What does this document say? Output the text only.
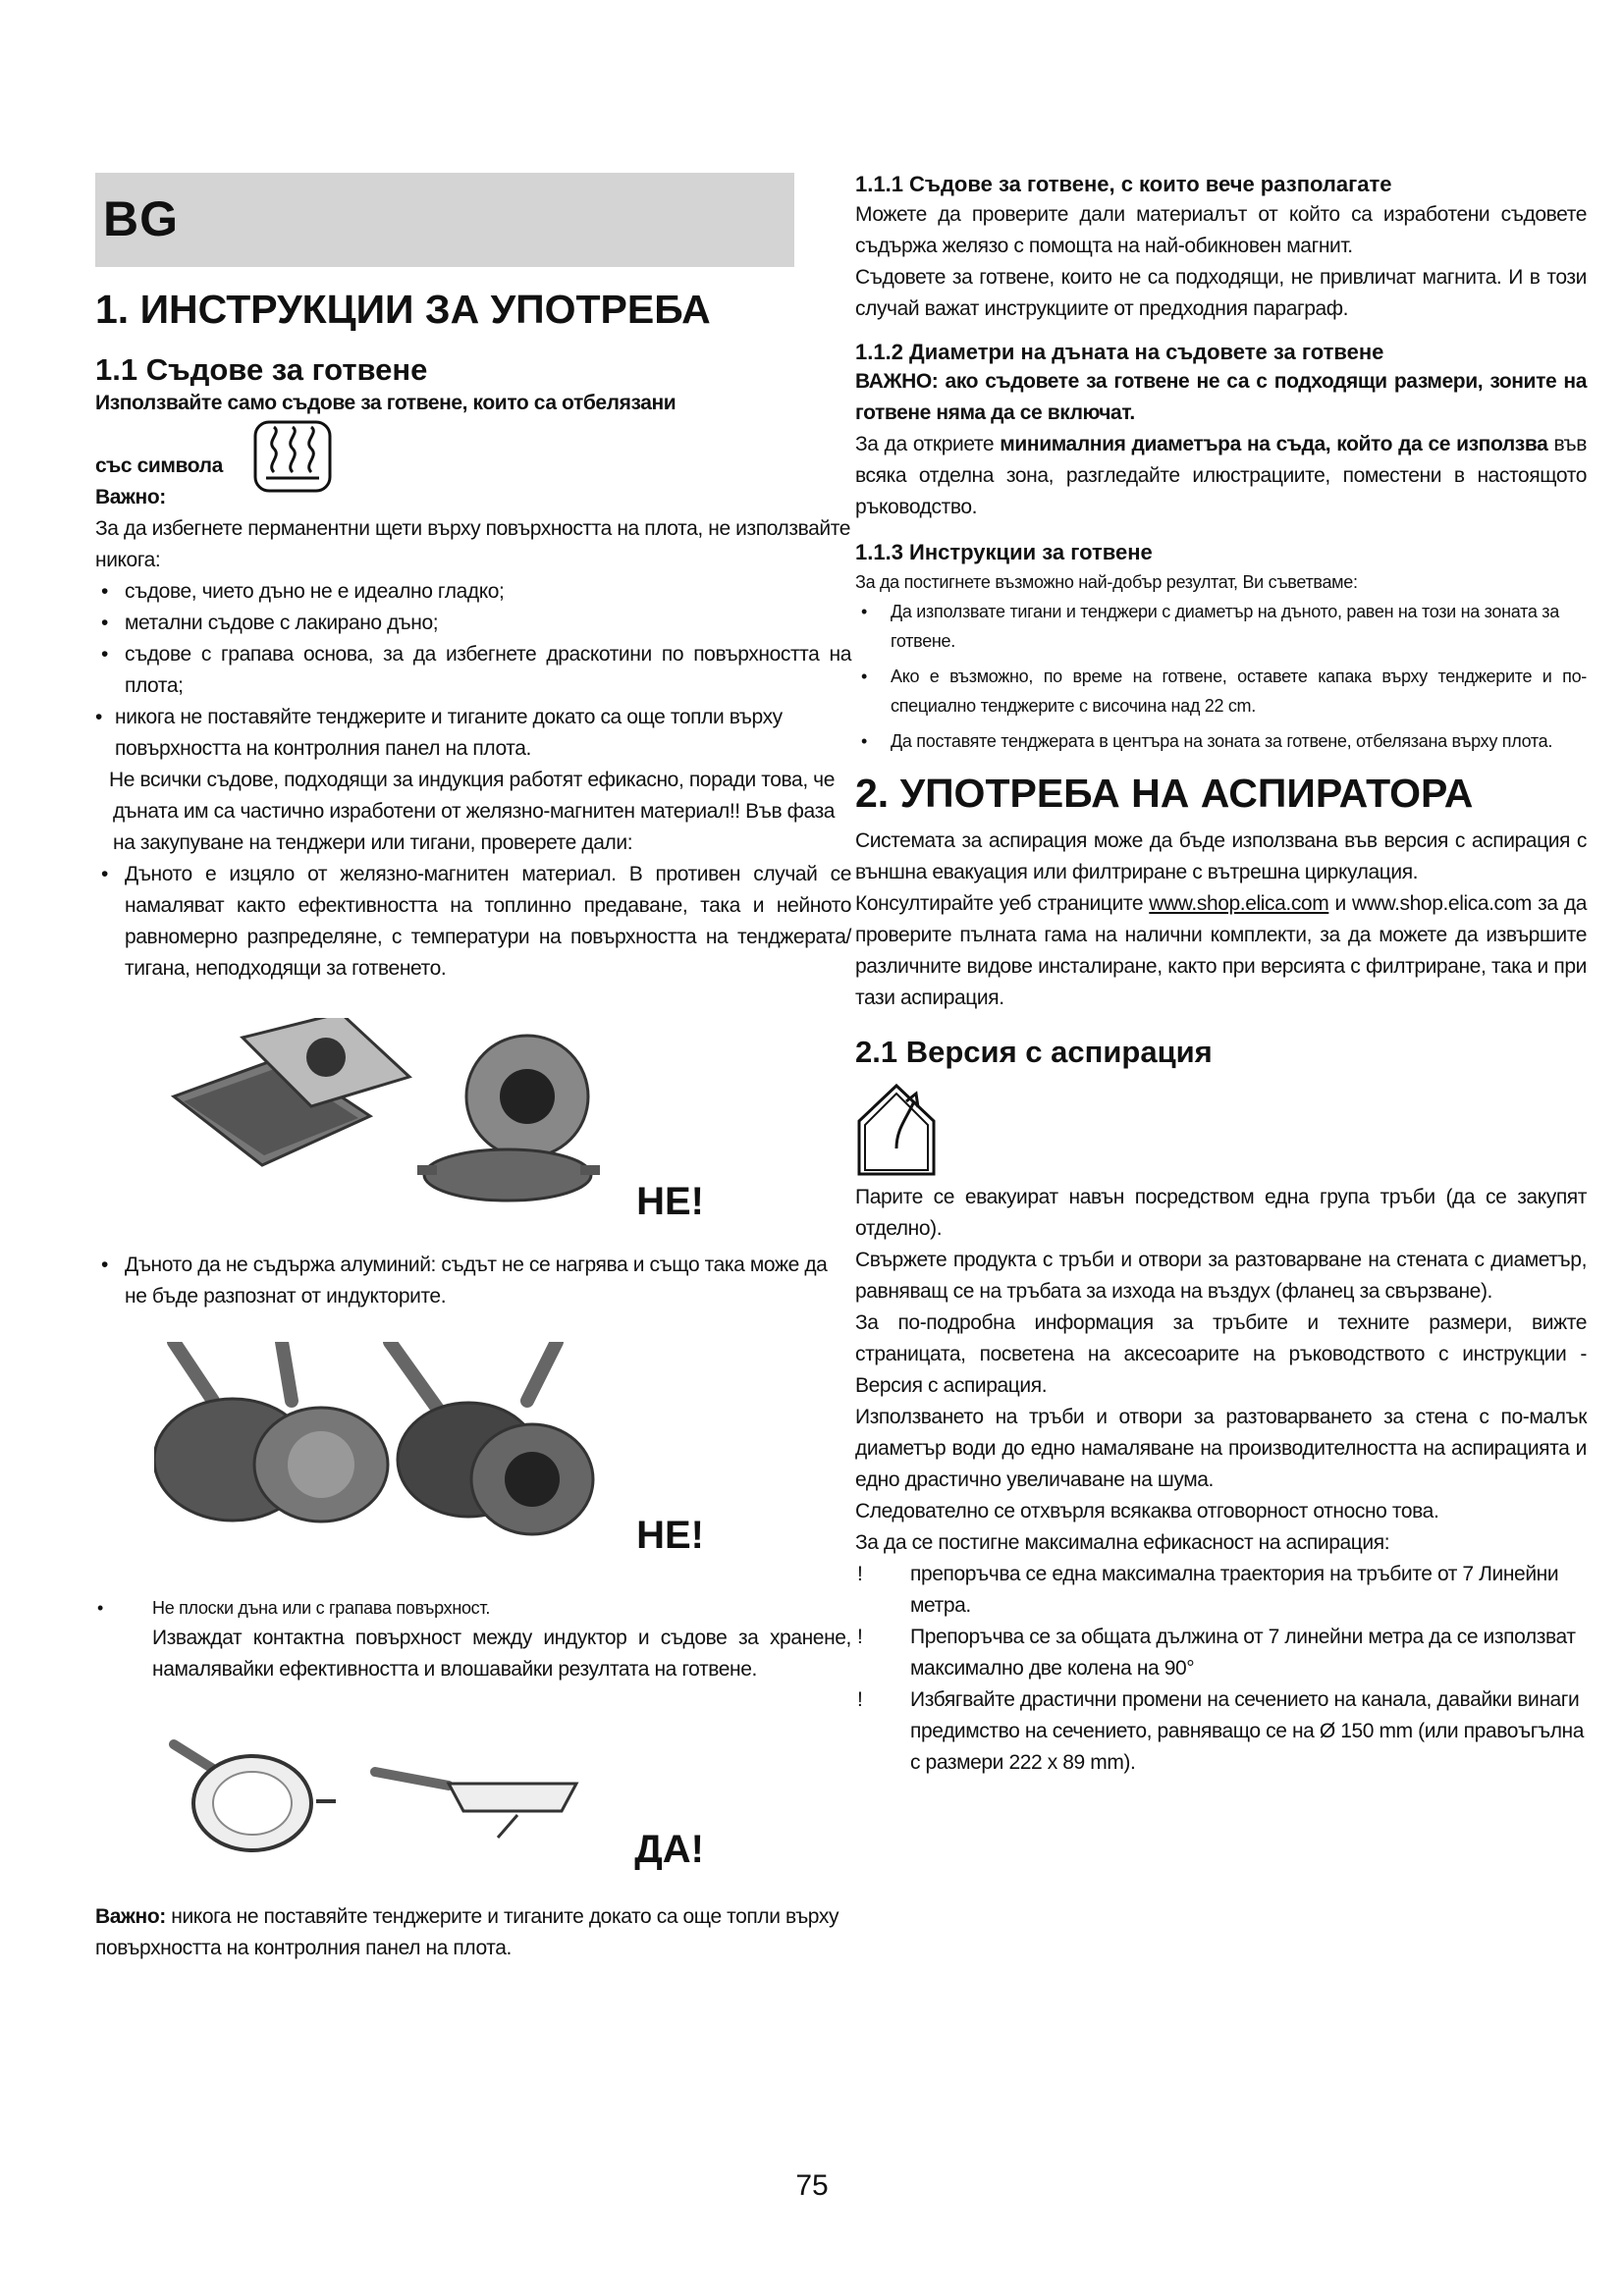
BG
1. ИНСТРУКЦИИ ЗА УПОТРЕБА
1.1 Съдове за готвене

Използвайте само съдове за готвене, които са отбелязани

със символа

Важно:

За да избегнете перманентни щети върху повърхността на плота, не използвайте никога:

• съдове, чието дъно не е идеално гладко;
• метални съдове с лакирано дъно;
• съдове с грапава основа, за да избегнете драскотини по повърхността на плота;
• никога не поставяйте тенджерите и тиганите докато са още топли върху повърхността на контролния панел на плота.

Не всички съдове, подходящи за индукция работят ефикасно, поради това, че дъната им са частично изработени от желязно-магнитен материал!! Във фаза на закупуване на тенджери или тигани, проверете дали:

• Дъното е изцяло от желязно-магнитен материал. В противен случай се намаляват както ефективността на топлинно предаване, така и нейното равномерно разпределяне, с температури на повърхността на тенджерата/тигана, неподходящи за готвенето.
НЕ!
• Дъното да не съдържа алуминий: съдът не се нагрява и също така може да не бъде разпознат от индукторите.
НЕ!
•	Не плоски дъна или с грапава повърхност.

Изваждат контактна повърхност между индуктор и съдове за хранене, намалявайки ефективността и влошавайки резултата на готвене.

ДА!

Важно: никога не поставяйте тенджерите и тиганите докато са още топли върху повърхността на контролния панел на плота.

1.1.1 Съдове за готвене, с които вече разполагате

Можете да проверите дали материалът от който са изработени съдовете съдържа желязо с помощта на най-обикновен магнит.

Съдовете за готвене, които не са подходящи, не привличат магнита. И в този случай важат инструкциите от предходния параграф.

1.1.2 Диаметри на дъната на съдовете за готвене

ВАЖНО: ако съдовете за готвене не са с подходящи размери, зоните на готвене няма да се включат.

За да откриете минималния диаметъра на съда, който да се използва във всяка отделна зона, разгледайте илюстрациите, поместени в настоящото ръководство.

1.1.3 Инструкции за готвене

За да постигнете възможно най-добър резултат, Ви съветваме:

• Да използвате тигани и тенджери с диаметър на дъното, равен на този на зоната за готвене.
• Ако е възможно, по време на готвене, оставете капака върху тенджерите и по-специално тенджерите с височина над 22 cm.
• Да поставяте тенджерата в центъра на зоната за готвене, отбелязана върху плота.
2. УПОТРЕБА НА АСПИРАТОРА

Системата за аспирация може да бъде използвана във версия с аспирация с външна евакуация или филтриране с вътрешна циркулация.

Консултирайте уеб страниците www.shop.elica.com и www.shop.elica.com за да проверите пълната гама на налични комплекти, за да можете да извършите различните видове инсталиране, както при версията с филтриране, така и при тази аспирация.

2.1 Версия с аспирация

Парите се евакуират навън посредством една група тръби (да се закупят отделно).

Свържете продукта с тръби и отвори за разтоварване на стената с диаметър, равняващ се на тръбата за изхода на въздух (фланец за свързване).

За по-подробна информация за тръбите и техните размери, вижте страницата, посветена на аксесоарите на ръководството с инструкции - Версия с аспирация.

Използването на тръби и отвори за разтоварването за стена с по-малък диаметър води до едно намаляване на производителността на аспирацията и едно драстично увеличаване на шума.

Следователно се отхвърля всякаква отговорност относно това.

За да се постигне максимална ефикасност на аспирация:

! препоръчва се една максимална траектория на тръбите от 7 Линейни метра.
! Препоръчва се за общата дължина от 7 линейни метра да се използват максимално две колена на 90°
! Избягвайте драстични промени на сечението на канала, давайки винаги предимство на сечението, равняващо се на Ø 150 mm (или правоъгълна с размери 222 x 89 mm).
75
